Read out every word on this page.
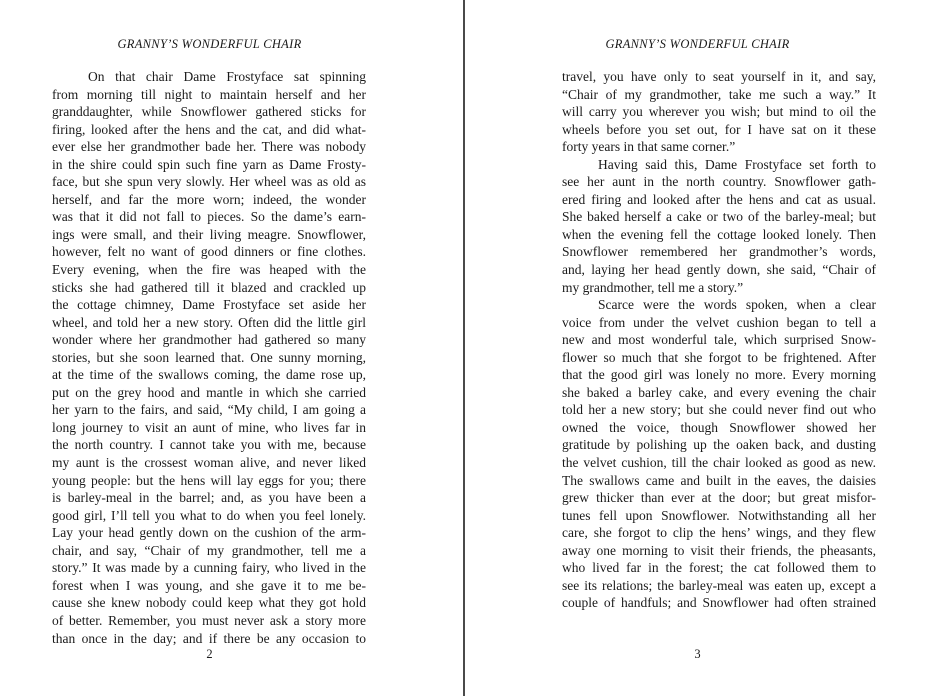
GRANNY’S WONDERFUL CHAIR
On that chair Dame Frostyface sat spinning
from morning till night to maintain herself and her
granddaughter, while Snowflower gathered sticks for
firing, looked after the hens and the cat, and did what-
ever else her grandmother bade her. There was nobody
in the shire could spin such fine yarn as Dame Frosty-
face, but she spun very slowly. Her wheel was as old as
herself, and far the more worn; indeed, the wonder
was that it did not fall to pieces. So the dame’s earn-
ings were small, and their living meagre. Snowflower,
however, felt no want of good dinners or fine clothes.
Every evening, when the fire was heaped with the
sticks she had gathered till it blazed and crackled up
the cottage chimney, Dame Frostyface set aside her
wheel, and told her a new story. Often did the little girl
wonder where her grandmother had gathered so many
stories, but she soon learned that. One sunny morning,
at the time of the swallows coming, the dame rose up,
put on the grey hood and mantle in which she carried
her yarn to the fairs, and said, “My child, I am going a
long journey to visit an aunt of mine, who lives far in
the north country. I cannot take you with me, because
my aunt is the crossest woman alive, and never liked
young people: but the hens will lay eggs for you; there
is barley-meal in the barrel; and, as you have been a
good girl, I’ll tell you what to do when you feel lonely.
Lay your head gently down on the cushion of the arm-
chair, and say, “Chair of my grandmother, tell me a
story.” It was made by a cunning fairy, who lived in the
forest when I was young, and she gave it to me be-
cause she knew nobody could keep what they got hold
of better. Remember, you must never ask a story more
than once in the day; and if there be any occasion to
2
GRANNY’S WONDERFUL CHAIR
travel, you have only to seat yourself in it, and say,
“Chair of my grandmother, take me such a way.” It
will carry you wherever you wish; but mind to oil the
wheels before you set out, for I have sat on it these
forty years in that same corner.”
Having said this, Dame Frostyface set forth to
see her aunt in the north country. Snowflower gath-
ered firing and looked after the hens and cat as usual.
She baked herself a cake or two of the barley-meal; but
when the evening fell the cottage looked lonely. Then
Snowflower remembered her grandmother’s words,
and, laying her head gently down, she said, “Chair of
my grandmother, tell me a story.”
Scarce were the words spoken, when a clear
voice from under the velvet cushion began to tell a
new and most wonderful tale, which surprised Snow-
flower so much that she forgot to be frightened. After
that the good girl was lonely no more. Every morning
she baked a barley cake, and every evening the chair
told her a new story; but she could never find out who
owned the voice, though Snowflower showed her
gratitude by polishing up the oaken back, and dusting
the velvet cushion, till the chair looked as good as new.
The swallows came and built in the eaves, the daisies
grew thicker than ever at the door; but great misfor-
tunes fell upon Snowflower. Notwithstanding all her
care, she forgot to clip the hens’ wings, and they flew
away one morning to visit their friends, the pheasants,
who lived far in the forest; the cat followed them to
see its relations; the barley-meal was eaten up, except a
couple of handfuls; and Snowflower had often strained
3
